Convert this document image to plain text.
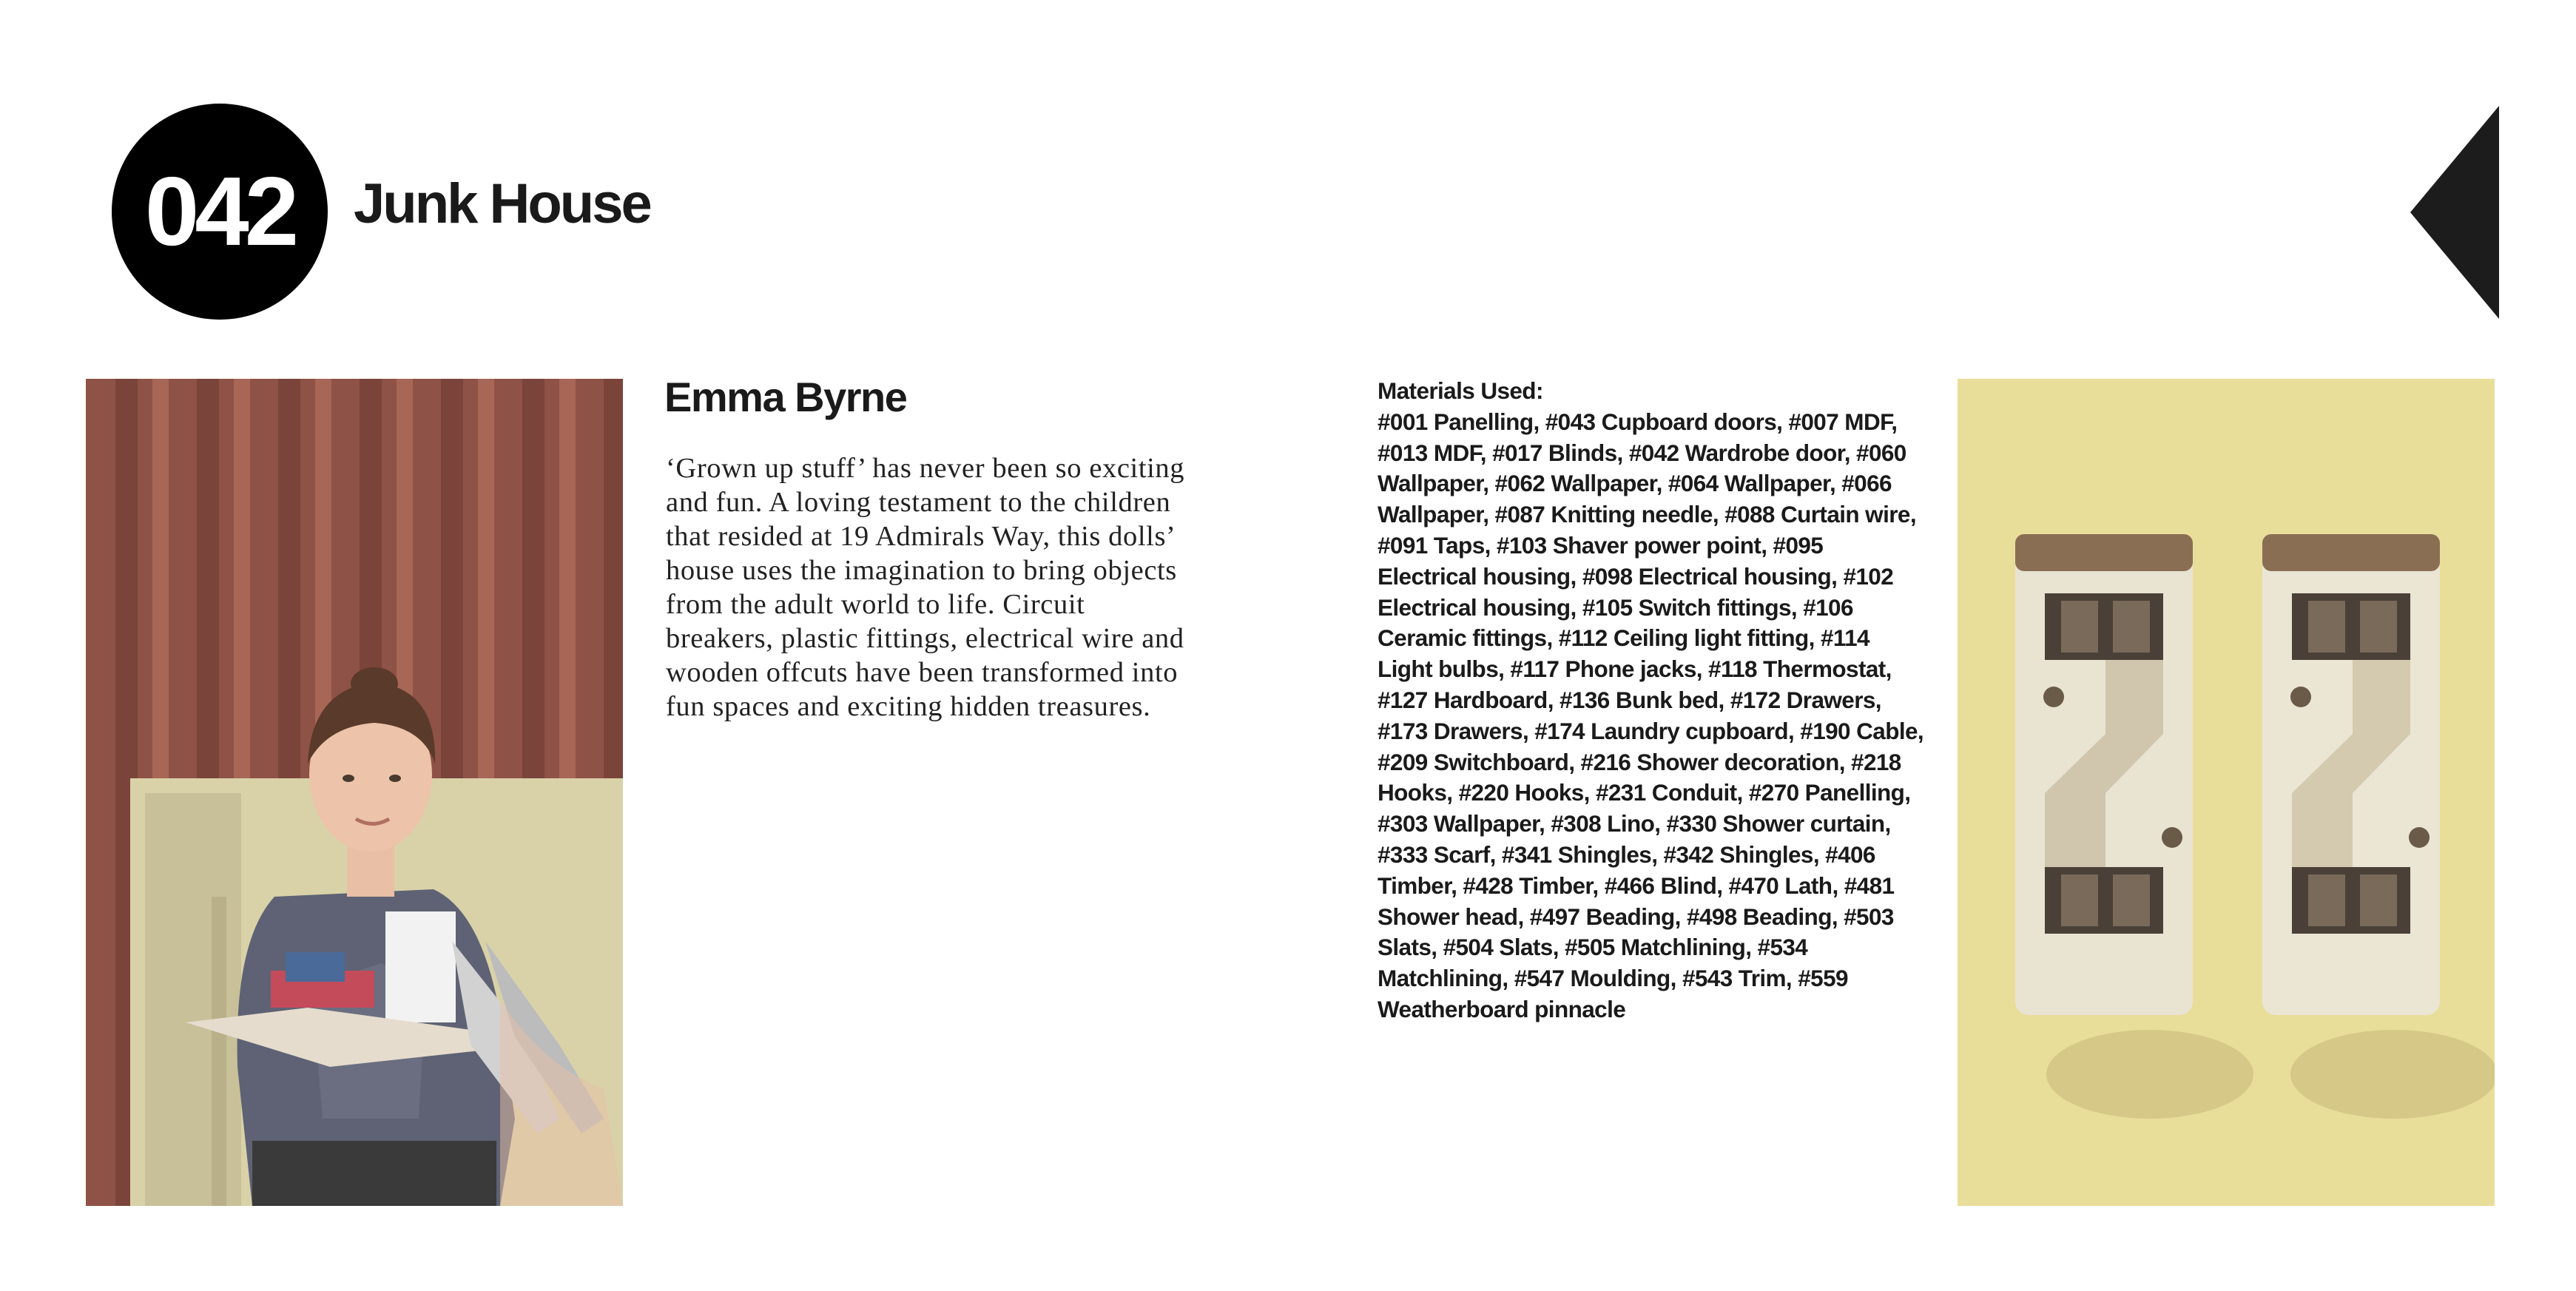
042 Junk House
Emma Byrne
‘Grown up stuff’ has never been so exciting and fun. A loving testament to the children that resided at 19 Admirals Way, this dolls’ house uses the imagination to bring objects from the adult world to life. Circuit breakers, plastic fittings, electrical wire and wooden offcuts have been transformed into fun spaces and exciting hidden treasures.
Materials Used:
#001 Panelling, #043 Cupboard doors, #007 MDF, #013 MDF, #017 Blinds, #042 Wardrobe door, #060 Wallpaper, #062 Wallpaper, #064 Wallpaper, #066 Wallpaper, #087 Knitting needle, #088 Curtain wire, #091 Taps, #103 Shaver power point, #095 Electrical housing, #098 Electrical housing, #102 Electrical housing, #105 Switch fittings, #106 Ceramic fittings, #112 Ceiling light fitting, #114 Light bulbs, #117 Phone jacks, #118 Thermostat, #127 Hardboard, #136 Bunk bed, #172 Drawers, #173 Drawers, #174 Laundry cupboard, #190 Cable, #209 Switchboard, #216 Shower decoration, #218 Hooks, #220 Hooks, #231 Conduit, #270 Panelling, #303 Wallpaper, #308 Lino, #330 Shower curtain, #333 Scarf, #341 Shingles, #342 Shingles, #406 Timber, #428 Timber, #466 Blind, #470 Lath, #481 Shower head, #497 Beading, #498 Beading, #503 Slats, #504 Slats, #505 Matchlining, #534 Matchlining, #547 Moulding, #543 Trim, #559 Weatherboard pinnacle
